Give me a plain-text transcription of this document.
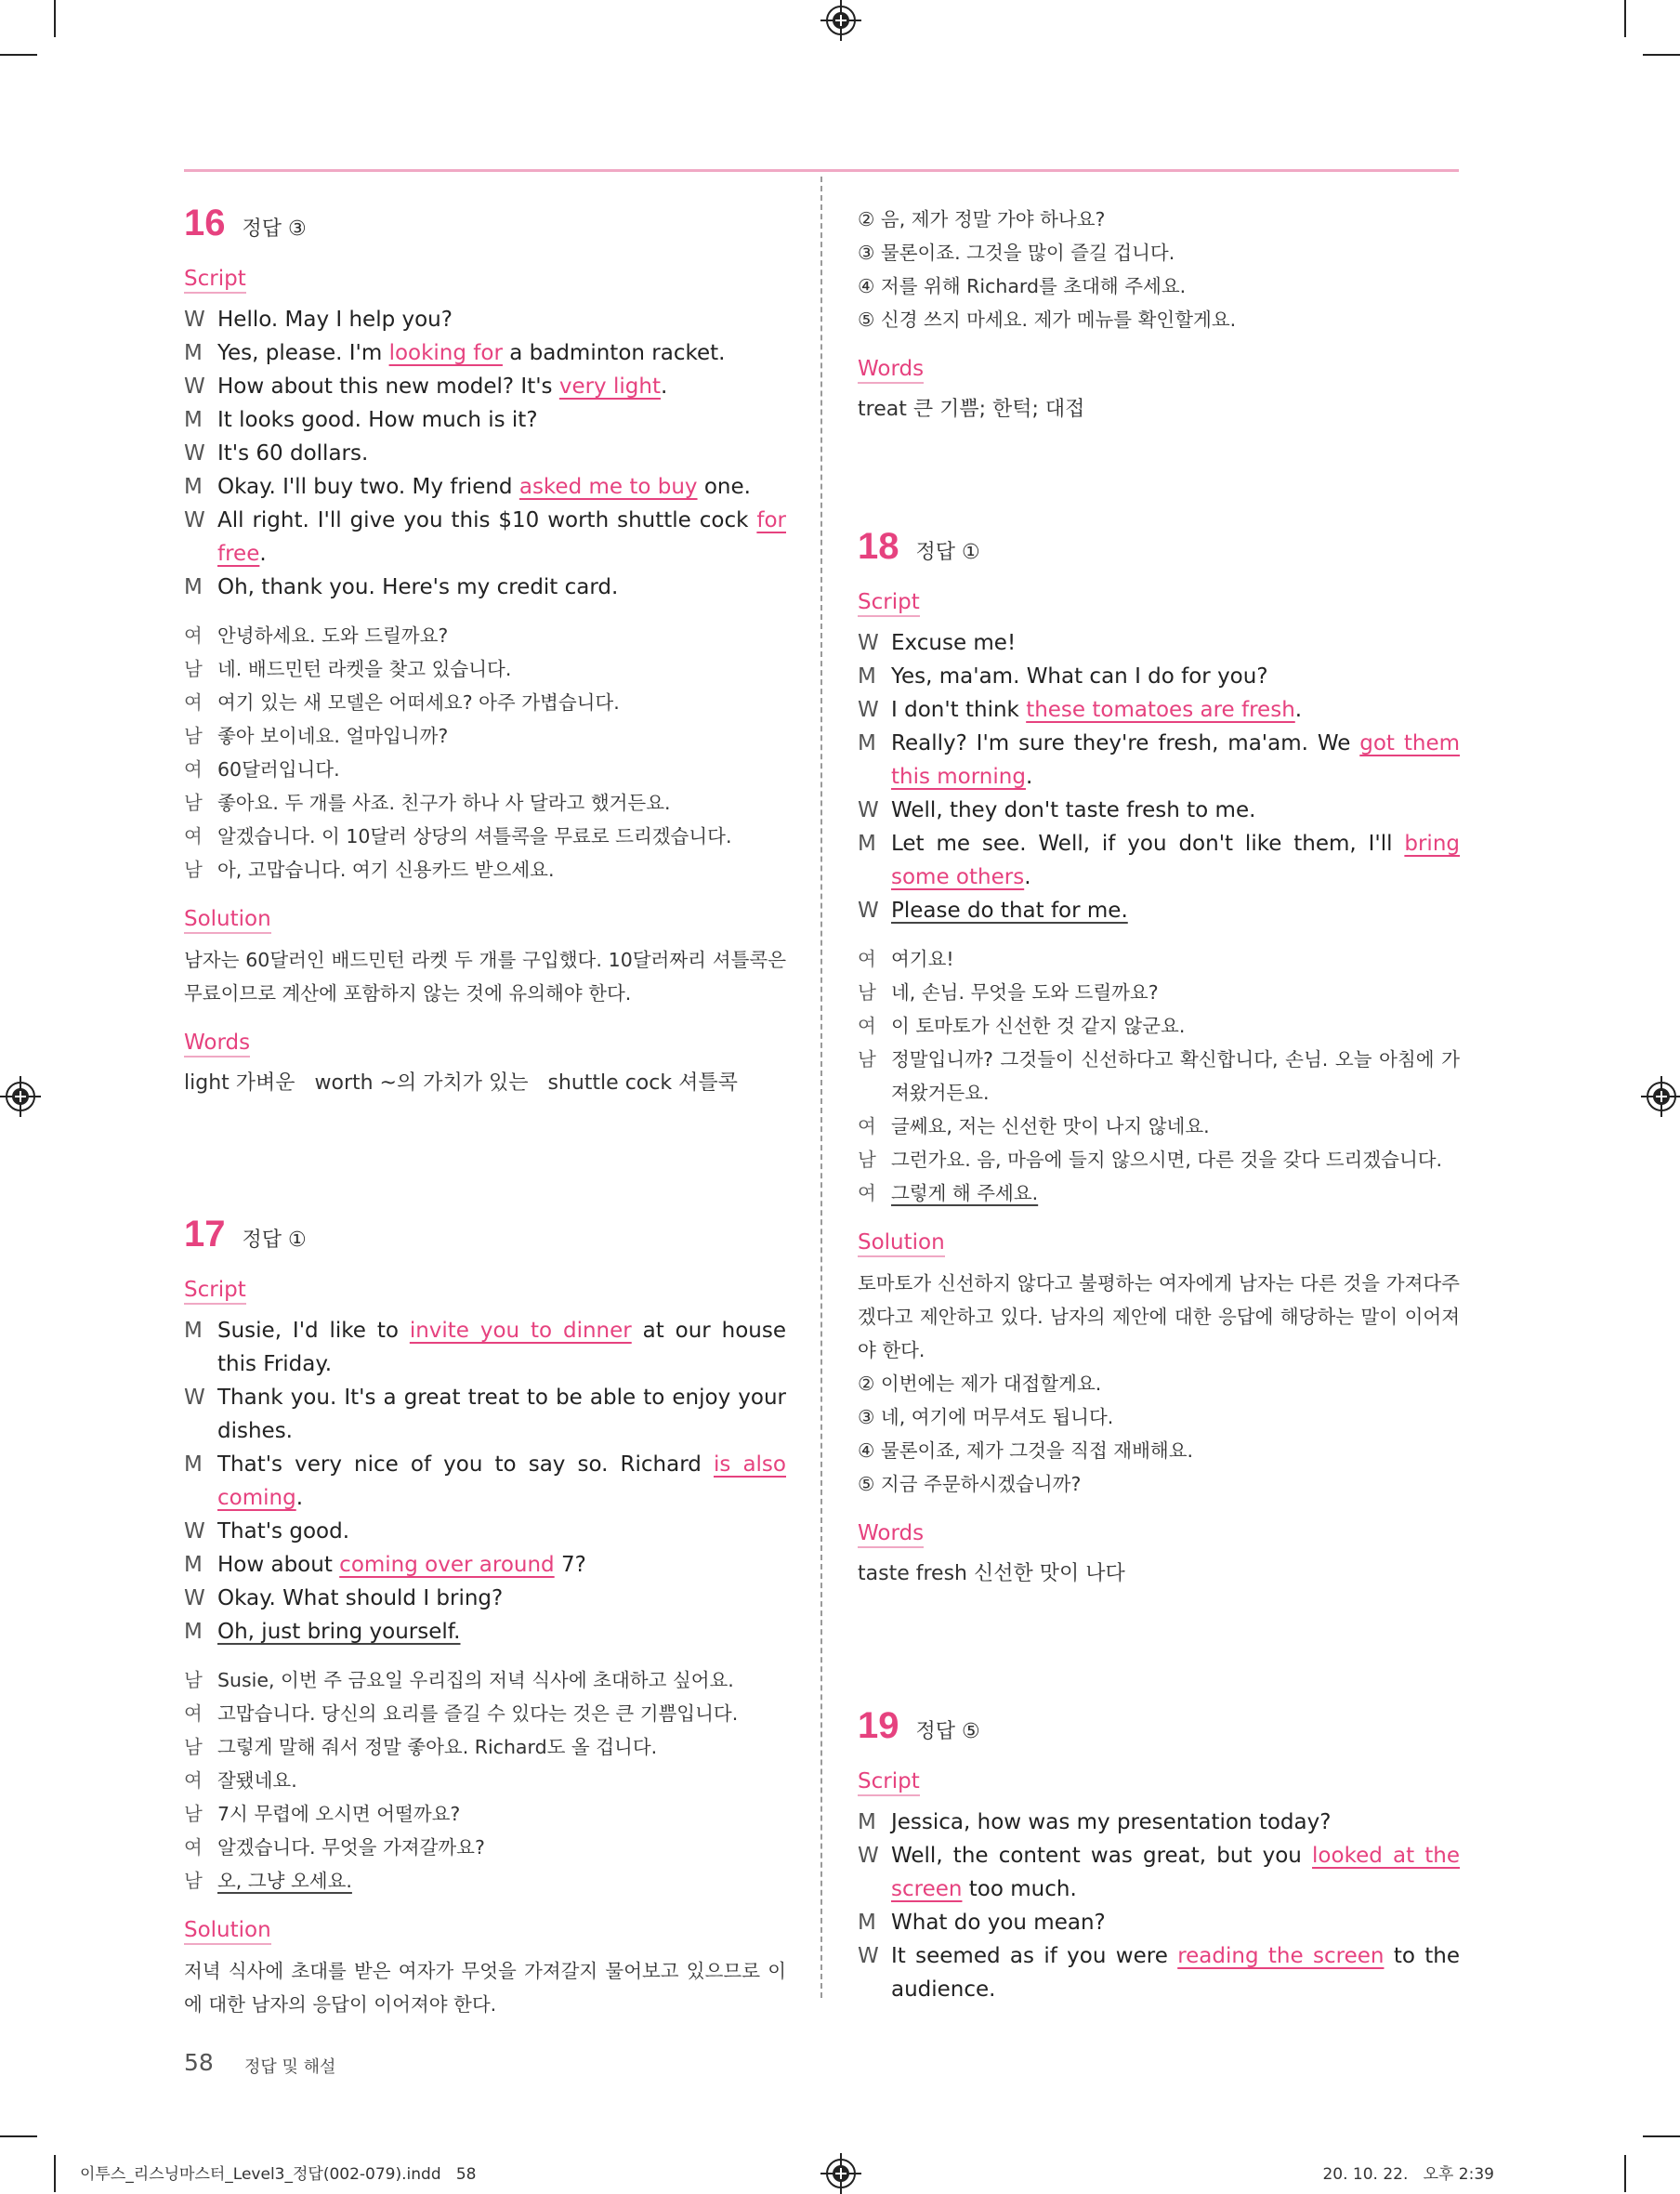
16 정답 ③
Script
W Hello. May I help you?
M Yes, please. I'm looking for a badminton racket.
W How about this new model? It's very light.
M It looks good. How much is it?
W It's 60 dollars.
M Okay. I'll buy two. My friend asked me to buy one.
W All right. I'll give you this $10 worth shuttle cock for free.
M Oh, thank you. Here's my credit card.
여 안녕하세요. 도와 드릴까요?
남 네. 배드민턴 라켓을 찾고 있습니다.
여 여기 있는 새 모델은 어떠세요? 아주 가볍습니다.
남 좋아 보이네요. 얼마입니까?
여 60달러입니다.
남 좋아요. 두 개를 사죠. 친구가 하나 사 달라고 했거든요.
여 알겠습니다. 이 10달러 상당의 셔틀콕을 무료로 드리겠습니다.
남 아, 고맙습니다. 여기 신용카드 받으세요.
Solution
남자는 60달러인 배드민턴 라켓 두 개를 구입했다. 10달러짜리 셔틀콕은 무료이므로 계산에 포함하지 않는 것에 유의해야 한다.
Words
light 가벼운   worth ~의 가치가 있는   shuttle cock 셔틀콕
17 정답 ①
Script
M Susie, I'd like to invite you to dinner at our house this Friday.
W Thank you. It's a great treat to be able to enjoy your dishes.
M That's very nice of you to say so. Richard is also coming.
W That's good.
M How about coming over around 7?
W Okay. What should I bring?
M Oh, just bring yourself.
남 Susie, 이번 주 금요일 우리집의 저녁 식사에 초대하고 싶어요.
여 고맙습니다. 당신의 요리를 즐길 수 있다는 것은 큰 기쁨입니다.
남 그렇게 말해 줘서 정말 좋아요. Richard도 올 겁니다.
여 잘됐네요.
남 7시 무렵에 오시면 어떨까요?
여 알겠습니다. 무엇을 가져갈까요?
남 오, 그냥 오세요.
Solution
저녁 식사에 초대를 받은 여자가 무엇을 가져갈지 물어보고 있으므로 이에 대한 남자의 응답이 이어져야 한다.
② 음, 제가 정말 가야 하나요?
③ 물론이죠. 그것을 많이 즐길 겁니다.
④ 저를 위해 Richard를 초대해 주세요.
⑤ 신경 쓰지 마세요. 제가 메뉴를 확인할게요.
Words
treat 큰 기쁨; 한턱; 대접
18 정답 ①
Script
W Excuse me!
M Yes, ma'am. What can I do for you?
W I don't think these tomatoes are fresh.
M Really? I'm sure they're fresh, ma'am. We got them this morning.
W Well, they don't taste fresh to me.
M Let me see. Well, if you don't like them, I'll bring some others.
W Please do that for me.
여 여기요!
남 네, 손님. 무엇을 도와 드릴까요?
여 이 토마토가 신선한 것 같지 않군요.
남 정말입니까? 그것들이 신선하다고 확신합니다, 손님. 오늘 아침에 가져왔거든요.
여 글쎄요, 저는 신선한 맛이 나지 않네요.
남 그런가요. 음, 마음에 들지 않으시면, 다른 것을 갖다 드리겠습니다.
여 그렇게 해 주세요.
Solution
토마토가 신선하지 않다고 불평하는 여자에게 남자는 다른 것을 가져다주겠다고 제안하고 있다. 남자의 제안에 대한 응답에 해당하는 말이 이어져야 한다.
② 이번에는 제가 대접할게요.
③ 네, 여기에 머무셔도 됩니다.
④ 물론이죠, 제가 그것을 직접 재배해요.
⑤ 지금 주문하시겠습니까?
Words
taste fresh 신선한 맛이 나다
19 정답 ⑤
Script
M Jessica, how was my presentation today?
W Well, the content was great, but you looked at the screen too much.
M What do you mean?
W It seemed as if you were reading the screen to the audience.
58 정답 및 해설
이투스_리스닝마스터_Level3_정답(002-079).indd   58	20. 10. 22.   오후 2:39
